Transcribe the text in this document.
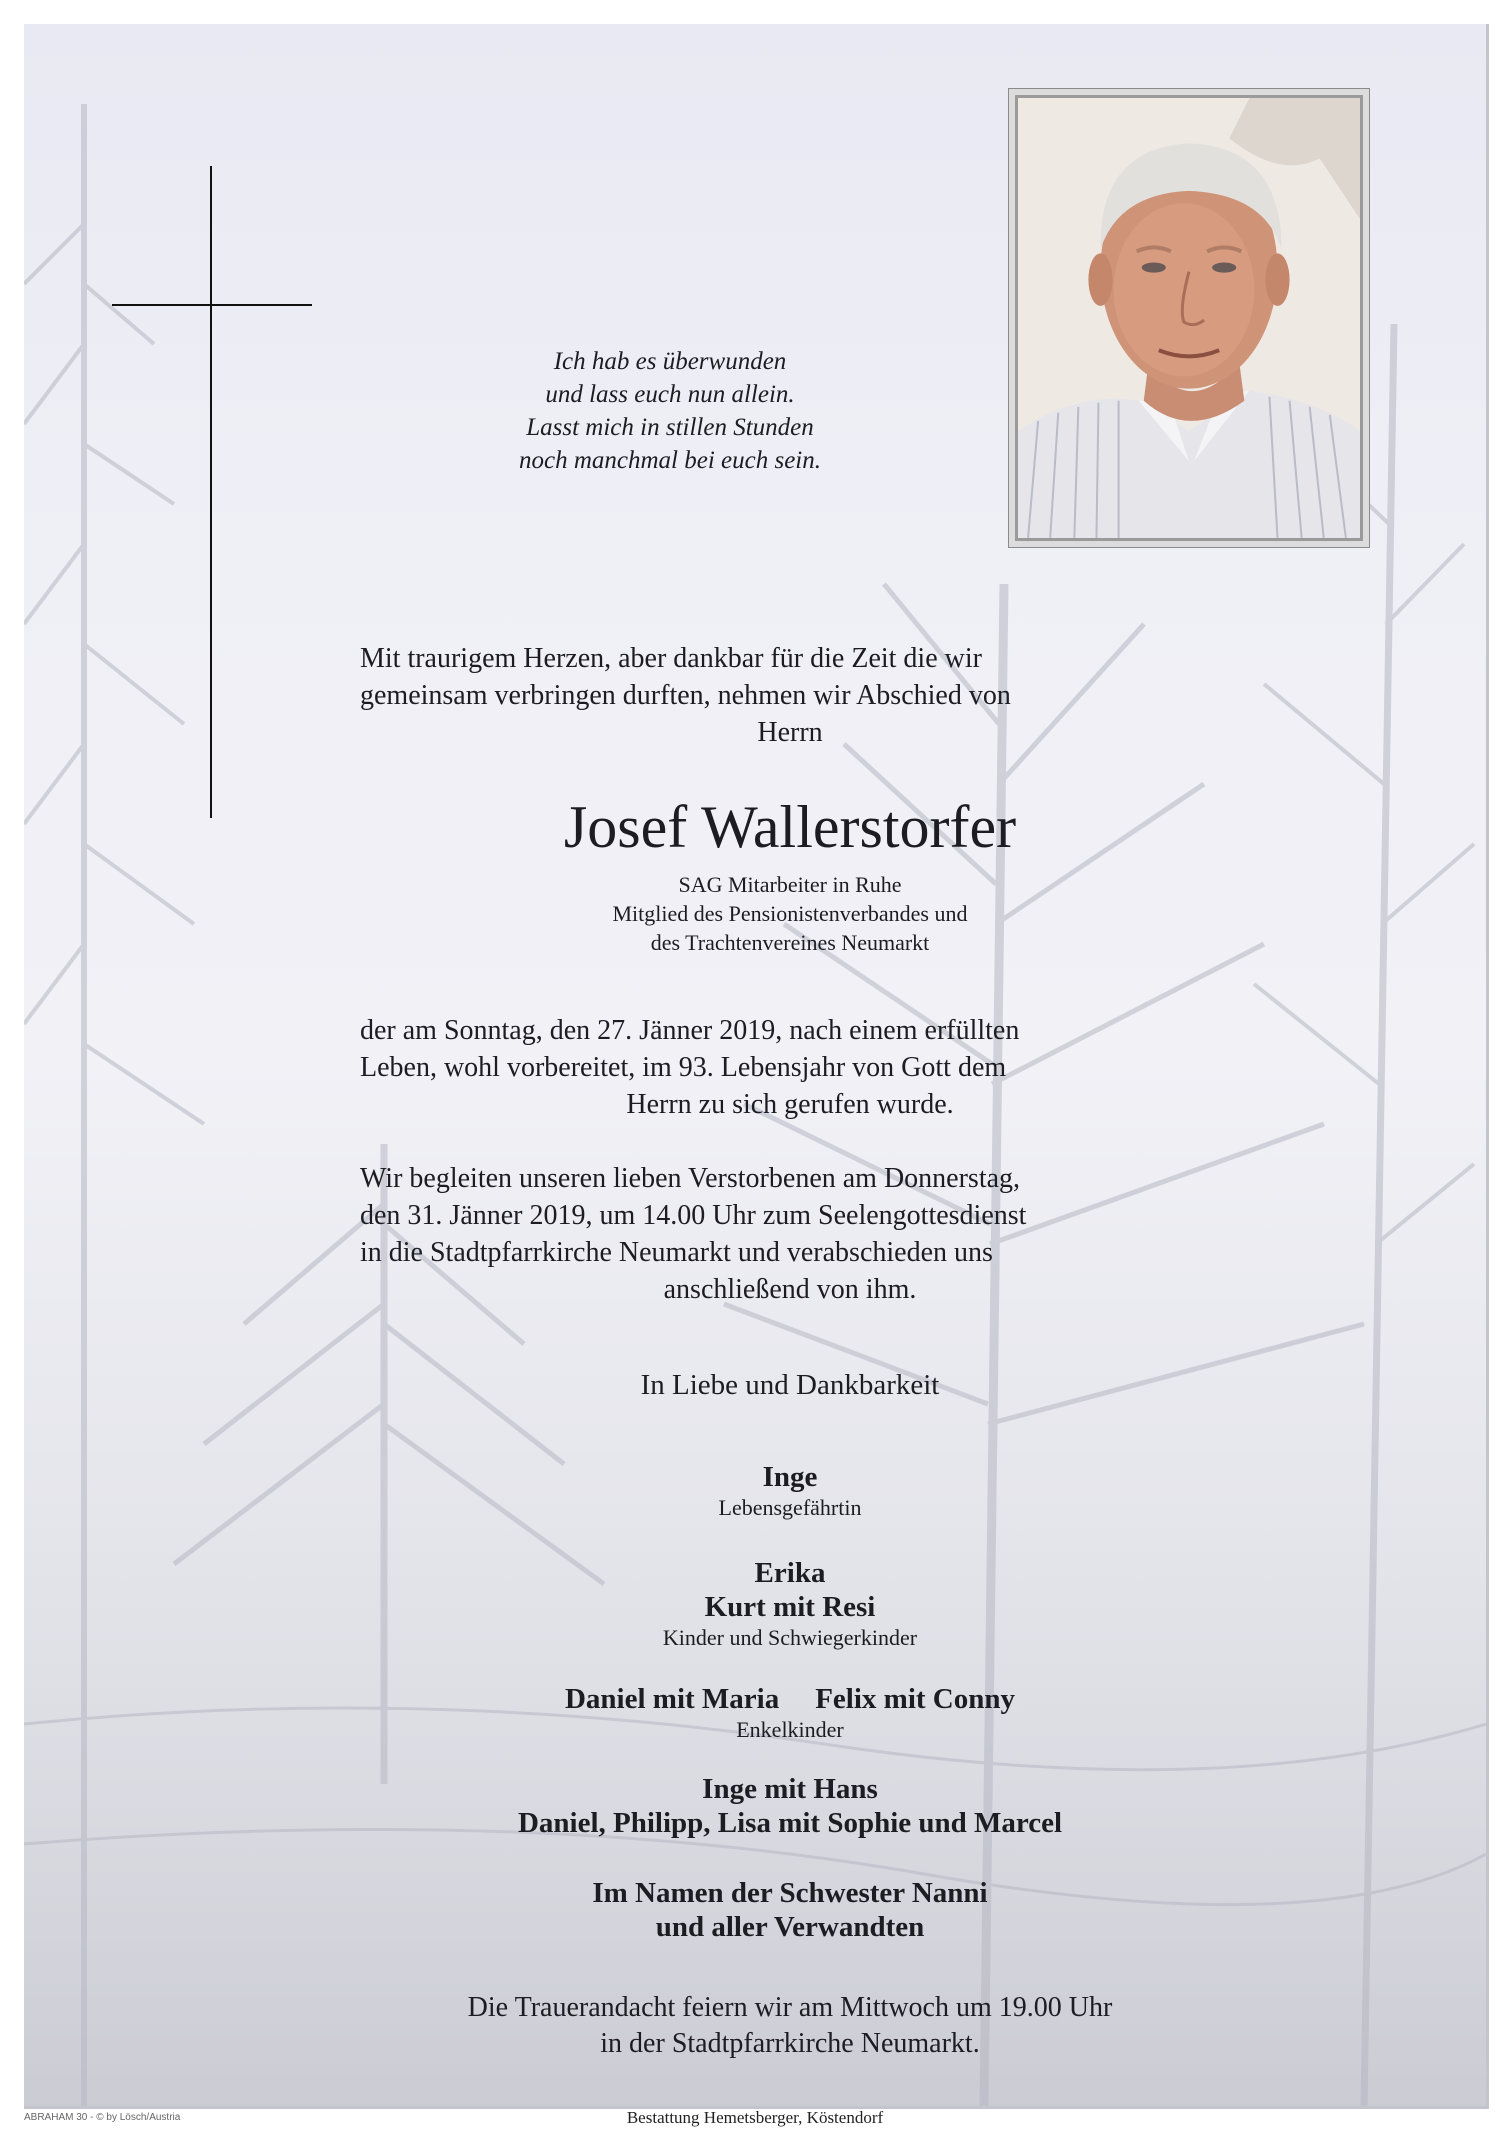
Ich hab es überwunden
und lass euch nun allein.
Lasst mich in stillen Stunden
noch manchmal bei euch sein.
Mit traurigem Herzen, aber dankbar für die Zeit die wir
gemeinsam verbringen durften, nehmen wir Abschied von
Herrn
Josef Wallerstorfer
SAG Mitarbeiter in Ruhe
Mitglied des Pensionistenverbandes und
des Trachtenvereines Neumarkt
der am Sonntag, den 27. Jänner 2019, nach einem erfüllten
Leben, wohl vorbereitet, im 93. Lebensjahr von Gott dem
Herrn zu sich gerufen wurde.
Wir begleiten unseren lieben Verstorbenen am Donnerstag,
den 31. Jänner 2019, um 14.00 Uhr zum Seelengottesdienst
in die Stadtpfarrkirche Neumarkt und verabschieden uns
anschließend von ihm.
In Liebe und Dankbarkeit
Inge
Lebensgefährtin
Erika
Kurt mit Resi
Kinder und Schwiegerkinder
Daniel mit Maria Felix mit Conny
Enkelkinder
Inge mit Hans
Daniel, Philipp, Lisa mit Sophie und Marcel
Im Namen der Schwester Nanni
und aller Verwandten
Die Trauerandacht feiern wir am Mittwoch um 19.00 Uhr
in der Stadtpfarrkirche Neumarkt.
ABRAHAM 30 - © by Lösch/Austria	Bestattung Hemetsberger, Köstendorf
